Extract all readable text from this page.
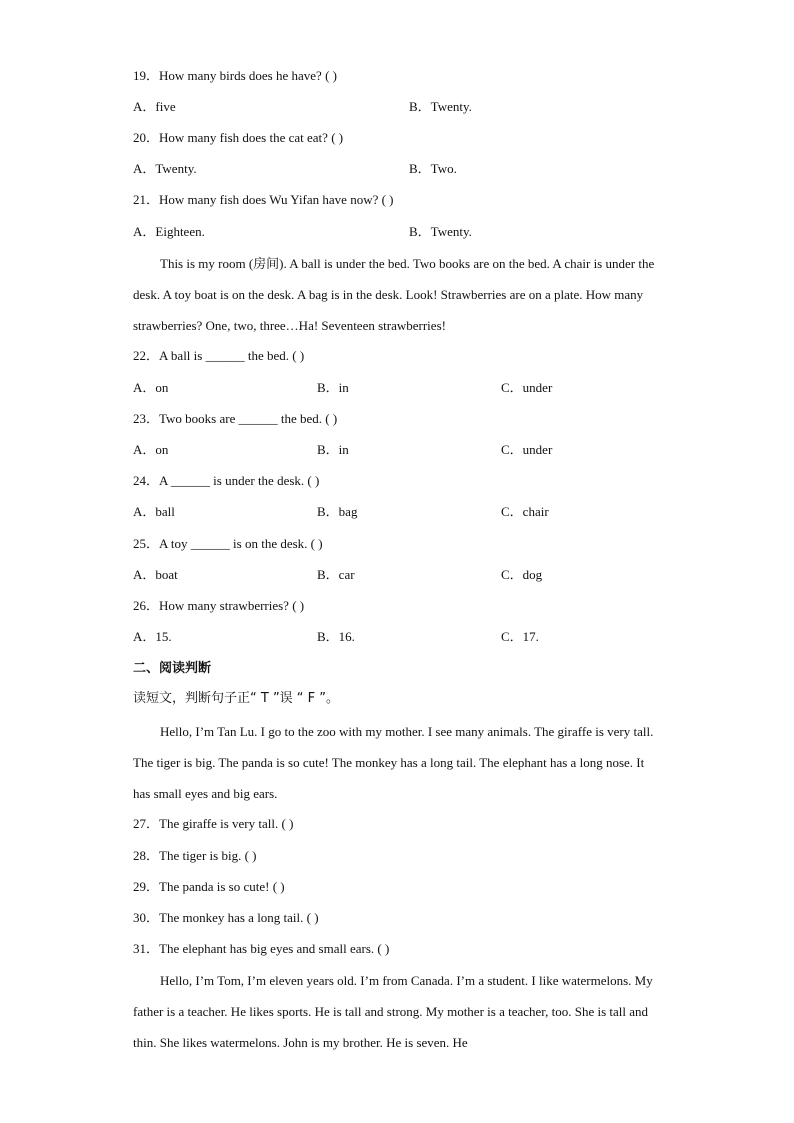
19．How many birds does he have? ( )
A．five	B．Twenty.
20．How many fish does the cat eat? ( )
A．Twenty.	B．Two.
21．How many fish does Wu Yifan have now? ( )
A．Eighteen.	B．Twenty.
This is my room (房间). A ball is under the bed. Two books are on the bed. A chair is under the desk. A toy boat is on the desk. A bag is in the desk. Look! Strawberries are on a plate. How many strawberries? One, two, three…Ha! Seventeen strawberries!
22．A ball is ______ the bed. ( )
A．on	B．in	C．under
23．Two books are ______ the bed. ( )
A．on	B．in	C．under
24．A ______ is under the desk. ( )
A．ball	B．bag	C．chair
25．A toy ______ is on the desk. ( )
A．boat	B．car	C．dog
26．How many strawberries? ( )
A．15.	B．16.	C．17.
二、阅读判断
读短文，判断句子正“ T ”误 “ F ”。
Hello, I’m Tan Lu. I go to the zoo with my mother. I see many animals. The giraffe is very tall. The tiger is big. The panda is so cute! The monkey has a long tail. The elephant has a long nose. It has small eyes and big ears.
27．The giraffe is very tall. ( )
28．The tiger is big. ( )
29．The panda is so cute! ( )
30．The monkey has a long tail. ( )
31．The elephant has big eyes and small ears. ( )
Hello, I’m Tom, I’m eleven years old. I’m from Canada. I’m a student. I like watermelons. My father is a teacher. He likes sports. He is tall and strong. My mother is a teacher, too. She is tall and thin. She likes watermelons. John is my brother. He is seven. He
